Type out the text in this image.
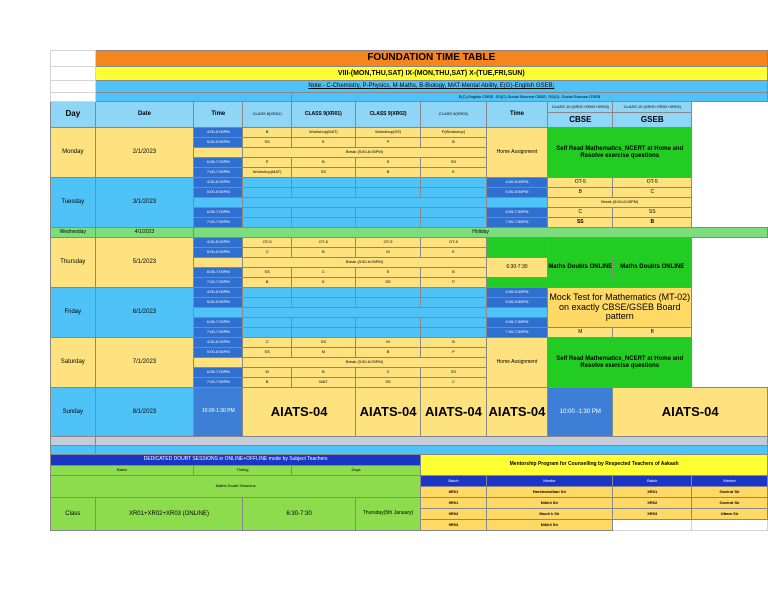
	FOUNDATION TIME TABLE									
	VIII-(MON,THU,SAT) IX-(MON,THU,SAT) X-(TUE,FRI,SUN)									
	Note:- C-Chemistry, P-Physics, M-Maths, B-Biology, MAT-Mental Ability, E(G)-English GSEB;									
				E(C)-English CBSE, SS(C)-Social Science CBSE, SS(G)- Social Science GSEB						
Day	Date	Time	CLASS 8(XR01)	CLASS 9(XR01)	CLASS 9(XR02)	CLASS 9(XR03)	Time	CLASS 10 (XR01+XR02+XR03)	CLASS 10 (XR01+XR02+XR03)	
								CBSE	GSEB	
Monday	2/1/2023	4:00-5:00PM	B	Workshop(MAT)	Workshop(SS)	P(Workshop)	Home Assignment	Self Read Mathematics_NCERT at Home and Resolve exercise questions		
		5:00-5:50PM	SS	E	P	B				
			Break (5:50-6:05PM)							
		6:05-7:00PM	P	B	E	SS				
		7:00-7:50PM	Workshop(MAT)	SS	B	E				
Tuesday	3/1/2023	4:00-5:00PM					4:00-5:00PM	OT-5	OT-5	
		5:00-5:50PM					5:00-5:50PM	B	C	
								Break (5:50-6:05PM)		
		6:05-7:00PM					6:05-7:00PM	C	SS	
		7:00-7:50PM					7:00-7:50PM	SS	B	
Wednesday	4/1/2023	Holiday								
Thursday	5/1/2023	4:00-5:00PM	OT-5	OT-5	OT-5	OT-5				
		5:00-5:50PM	C	B	M	E				
			Break (5:50-6:05PM)				6:30-7:30	Maths Doubts ONLINE	Maths Doubts ONLINE	
		6:05-7:00PM	SS	C	E	B				
		7:00-7:50PM	B	E	SS	P				
Friday	6/1/2023	4:00-5:00PM					4:00-5:00PM	Mock Test for Mathematics (MT-02) on exactly CBSE/GSEB Board pattern		
		5:00-5:50PM					5:00-5:50PM			

		6:05-7:00PM					6:05-7:00PM			
		7:00-7:50PM					7:00-7:50PM	M	B	
Saturday	7/1/2023	4:00-5:00PM	C	SS	M	B	Home Assignment	Self Read Mathematics_NCERT at Home and Resolve exercise questions		
		5:00-5:50PM	SS	M	B	P				
			Break (5:50-6:05PM)							
		6:05-7:00PM	M	B	C	SS				
		7:00-7:50PM	B	MAT	SS	C				
Sunday	8/1/2023	10:00-1:30 PM	AIATS-04		AIATS-04	AIATS-04	AIATS-04	10:00 -1:30 PM	AIATS-04	

DEDICATED DOUBT SESSIONS in ONLINE+OFFLINE mode by Subject Teachers						Mentorship Program for Counselling by Respected Teachers of Aakash				
Batch		Timing		Days						
Maths Doubt Sessions						Batch	Mentor		Batch	Mentor
						8R01	Harshvardhan Sir		XR01	Govind Sir
Class	XR01+XR02+XR03 (ONLINE)		6:30-7:30		Thursday(5th January)	9R01	Nikhil Sir		XR02	Govind Sir
						9R02	Mouli k Sir		XR03	Uttam Sir
						9R03	Nikhil Sir			
